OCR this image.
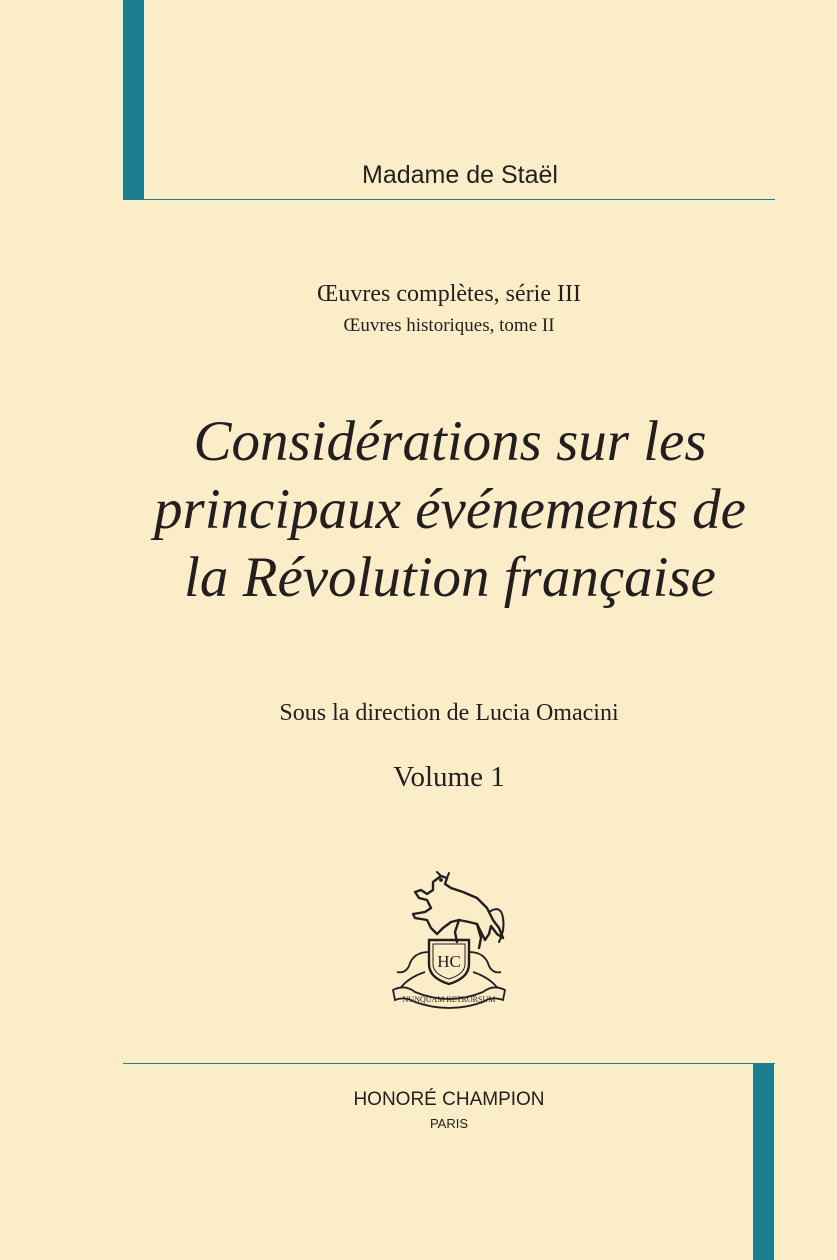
Madame de Staël
Œuvres complètes, série III
Œuvres historiques, tome II
Considérations sur les
principaux événements de
la Révolution française
Sous la direction de Lucia Omacini
Volume 1
HC
NUNQUAM RETRORSUM
HONORÉ CHAMPION
PARIS
